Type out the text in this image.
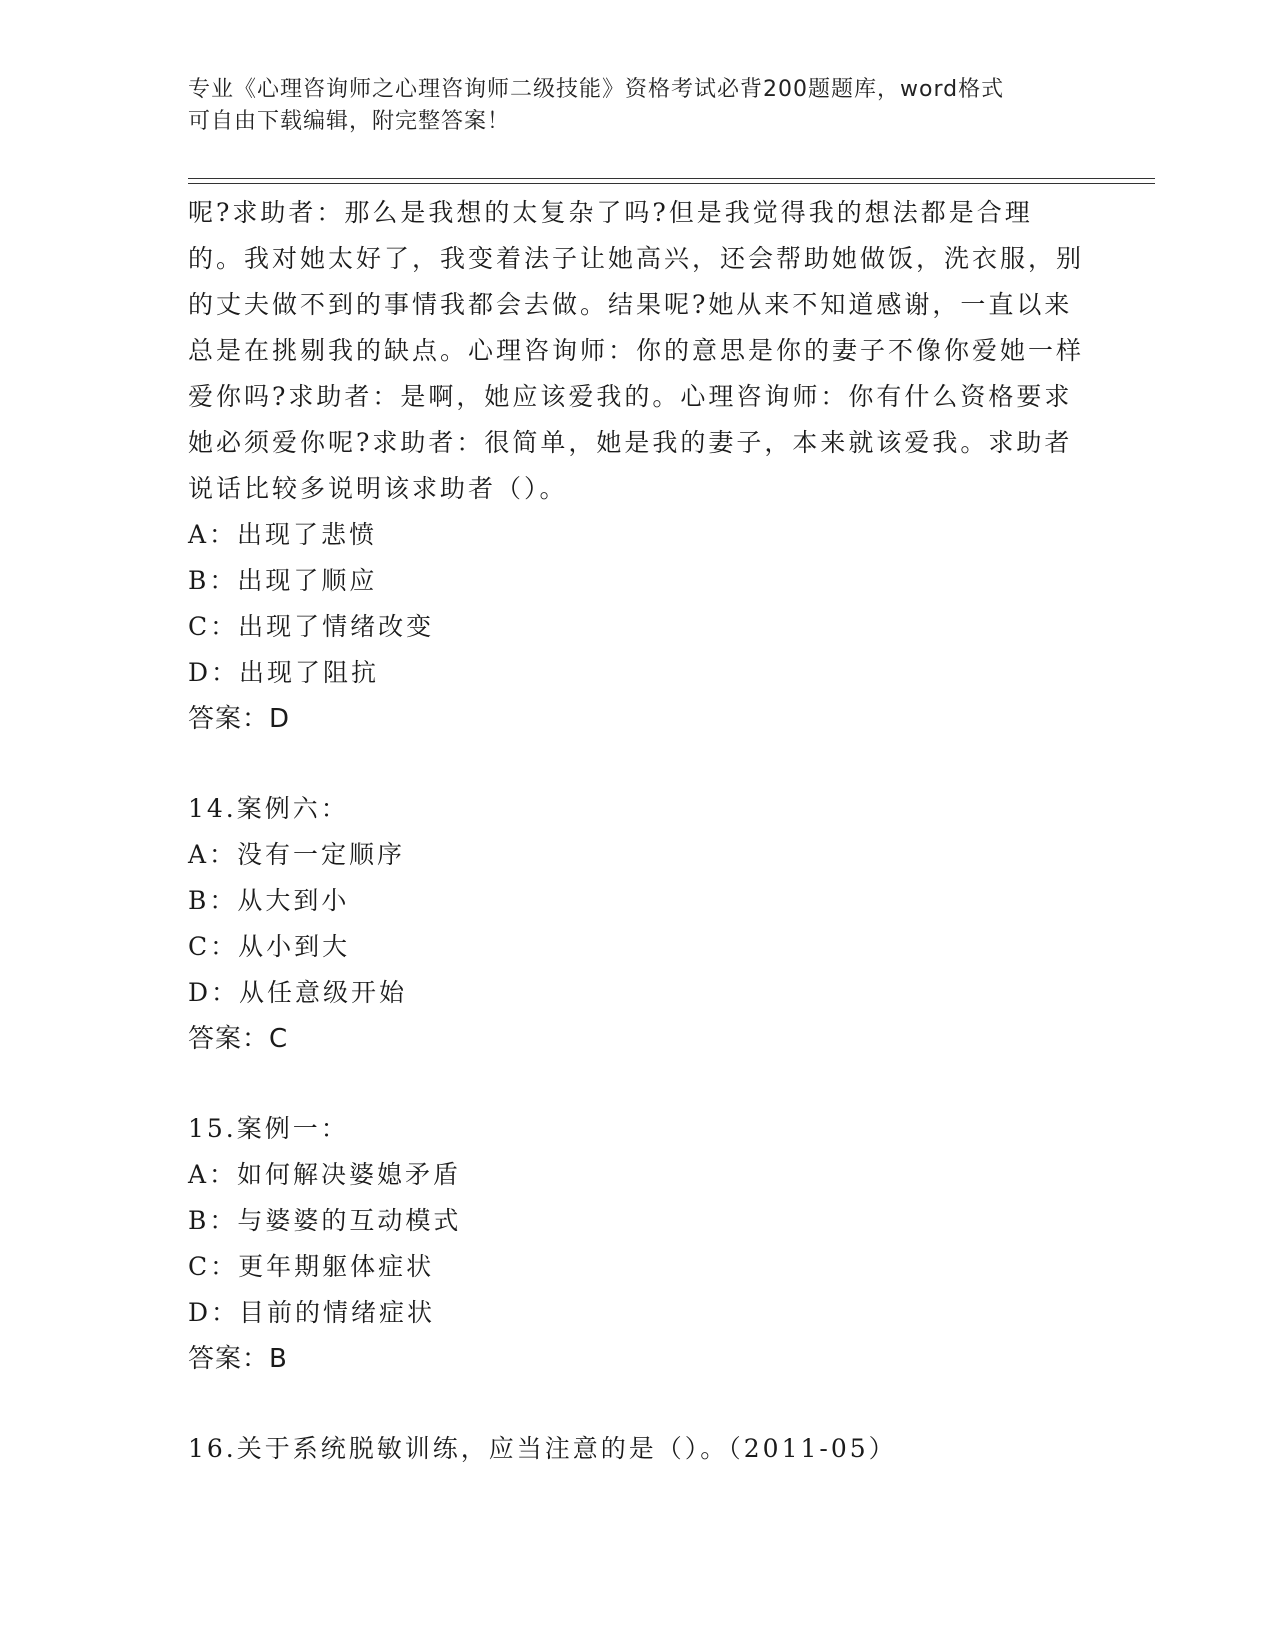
专业《心理咨询师之心理咨询师二级技能》资格考试必背200题题库，word格式
可自由下载编辑，附完整答案！

呢?求助者：那么是我想的太复杂了吗?但是我觉得我的想法都是合理的。我对她太好了，我变着法子让她高兴，还会帮助她做饭，洗衣服，别的丈夫做不到的事情我都会去做。结果呢?她从来不知道感谢，一直以来总是在挑剔我的缺点。心理咨询师：你的意思是你的妻子不像你爱她一样爱你吗?求助者：是啊，她应该爱我的。心理咨询师：你有什么资格要求她必须爱你呢?求助者：很简单，她是我的妻子，本来就该爱我。求助者说话比较多说明该求助者（）。

A：出现了悲愤
B：出现了顺应
C：出现了情绪改变
D：出现了阻抗
答案：D
14.案例六：
A：没有一定顺序
B：从大到小
C：从小到大
D：从任意级开始
答案：C
15.案例一：
A：如何解决婆媳矛盾
B：与婆婆的互动模式
C：更年期躯体症状
D：目前的情绪症状
答案：B
16.关于系统脱敏训练，应当注意的是（）。（2011-05）
